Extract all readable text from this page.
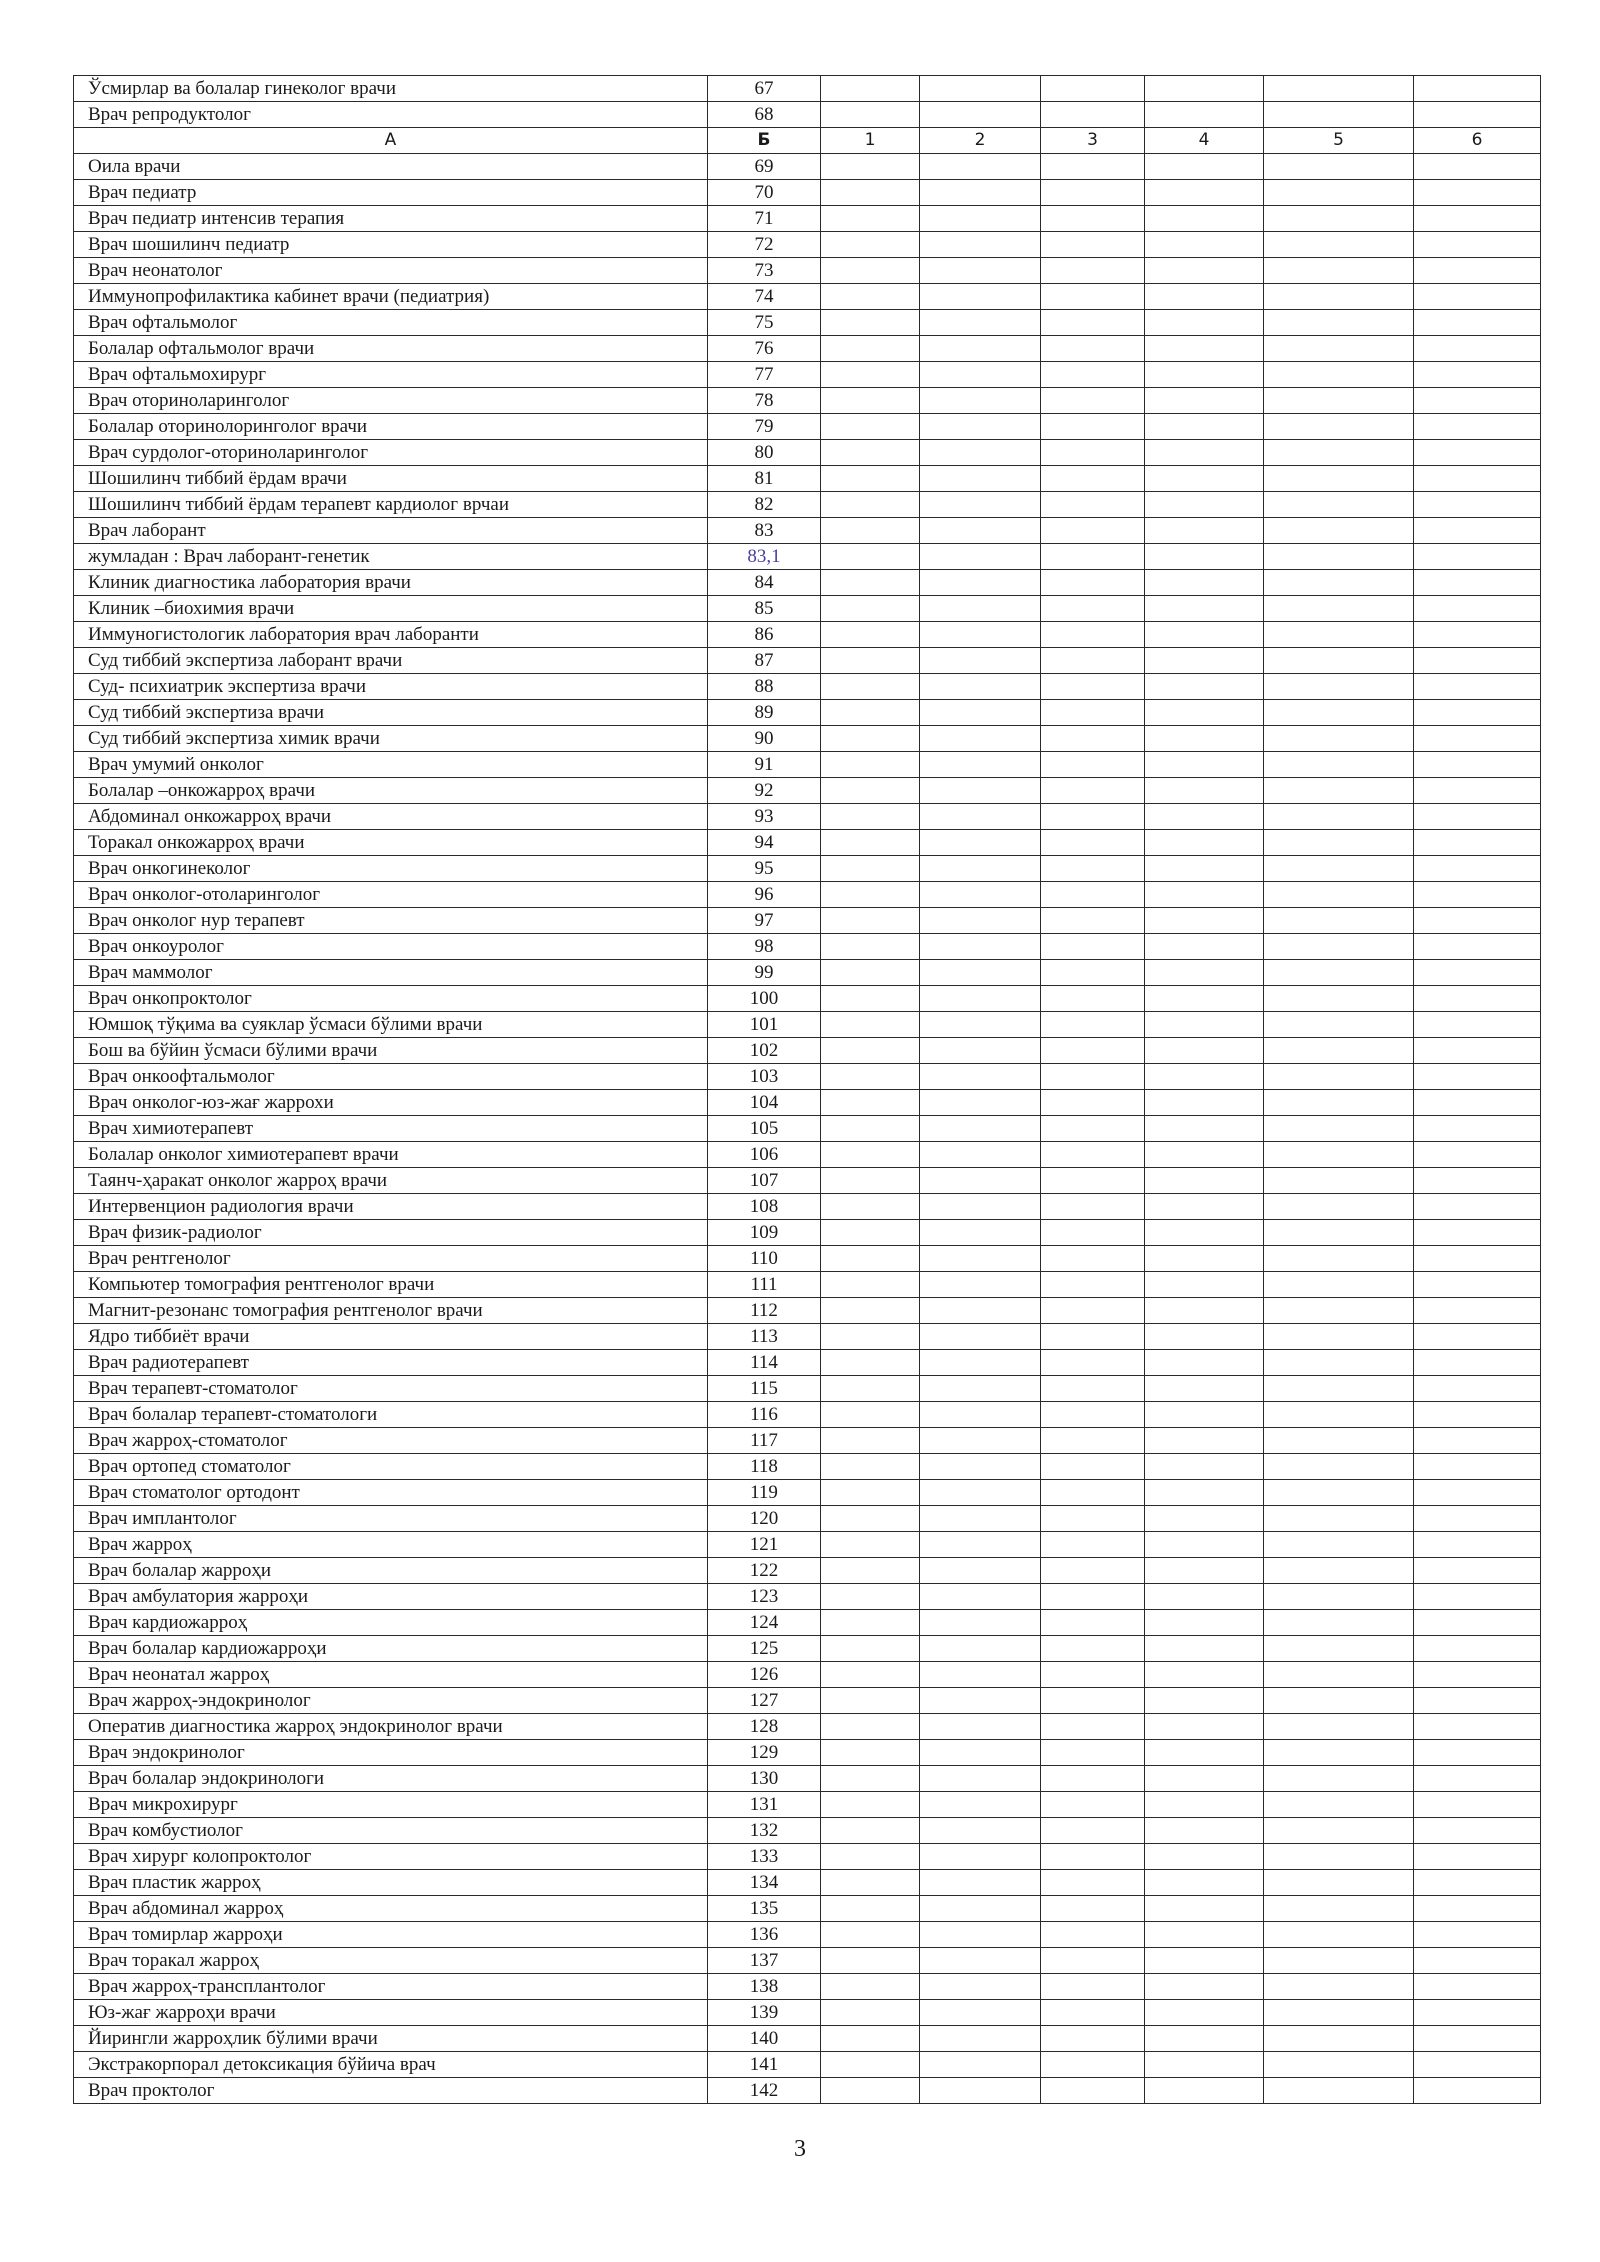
Ўсмирлар ва болалар гинеколог врачи	67						
Врач репродуктолог	68						
А	Б	1	2	3	4	5	6
Оила врачи	69						
Врач педиатр	70						
Врач педиатр интенсив терапия	71						
Врач шошилинч педиатр	72						
Врач неонатолог	73						
Иммунопрофилактика кабинет врачи (педиатрия)	74						
Врач офтальмолог	75						
Болалар офтальмолог врачи	76						
Врач офтальмохирург	77						
Врач оториноларинголог	78						
Болалар оторинолоринголог врачи	79						
Врач сурдолог-оториноларинголог	80						
Шошилинч тиббий ёрдам врачи	81						
Шошилинч тиббий ёрдам терапевт кардиолог врчаи	82						
Врач лаборант	83						
жумладан : Врач лаборант-генетик	83,1						
Клиник диагностика лаборатория врачи	84						
Клиник –биохимия врачи	85						
Иммуногистологик лаборатория врач лаборанти	86						
Суд тиббий экспертиза лаборант врачи	87						
Суд- психиатрик экспертиза врачи	88						
Суд тиббий экспертиза врачи	89						
Суд тиббий экспертиза химик врачи	90						
Врач умумий онколог	91						
Болалар –онкожарроҳ врачи	92						
Абдоминал онкожарроҳ врачи	93						
Торакал онкожарроҳ врачи	94						
Врач онкогинеколог	95						
Врач онколог-отоларинголог	96						
Врач онколог нур терапевт	97						
Врач онкоуролог	98						
Врач маммолог	99						
Врач онкопроктолог	100						
Юмшоқ тўқима ва суяклар ўсмаси бўлими врачи	101						
Бош ва бўйин ўсмаси бўлими врачи	102						
Врач онкоофтальмолог	103						
Врач онколог-юз-жағ жаррохи	104						
Врач химиотерапевт	105						
Болалар онколог химиотерапевт врачи	106						
Таянч-ҳаракат онколог жарроҳ врачи	107						
Интервенцион радиология врачи	108						
Врач физик-радиолог	109						
Врач рентгенолог	110						
Компьютер томография рентгенолог врачи	111						
Магнит-резонанс томография рентгенолог врачи	112						
Ядро тиббиёт врачи	113						
Врач радиотерапевт	114						
Врач терапевт-стоматолог	115						
Врач болалар терапевт-стоматологи	116						
Врач жарроҳ-стоматолог	117						
Врач ортопед стоматолог	118						
Врач стоматолог ортодонт	119						
Врач имплантолог	120						
Врач жарроҳ	121						
Врач болалар жарроҳи	122						
Врач амбулатория жарроҳи	123						
Врач кардиожарроҳ	124						
Врач болалар кардиожарроҳи	125						
Врач неонатал жарроҳ	126						
Врач жарроҳ-эндокринолог	127						
Оператив диагностика жарроҳ эндокринолог врачи	128						
Врач эндокринолог	129						
Врач болалар эндокринологи	130						
Врач микрохирург	131						
Врач комбустиолог	132						
Врач хирург колопроктолог	133						
Врач пластик жарроҳ	134						
Врач абдоминал жарроҳ	135						
Врач томирлар жарроҳи	136						
Врач торакал жарроҳ	137						
Врач жарроҳ-трансплантолог	138						
Юз-жағ жарроҳи врачи	139						
Йирингли жарроҳлик бўлими врачи	140						
Экстракорпорал детоксикация бўйича врач	141						
Врач проктолог	142						
3
